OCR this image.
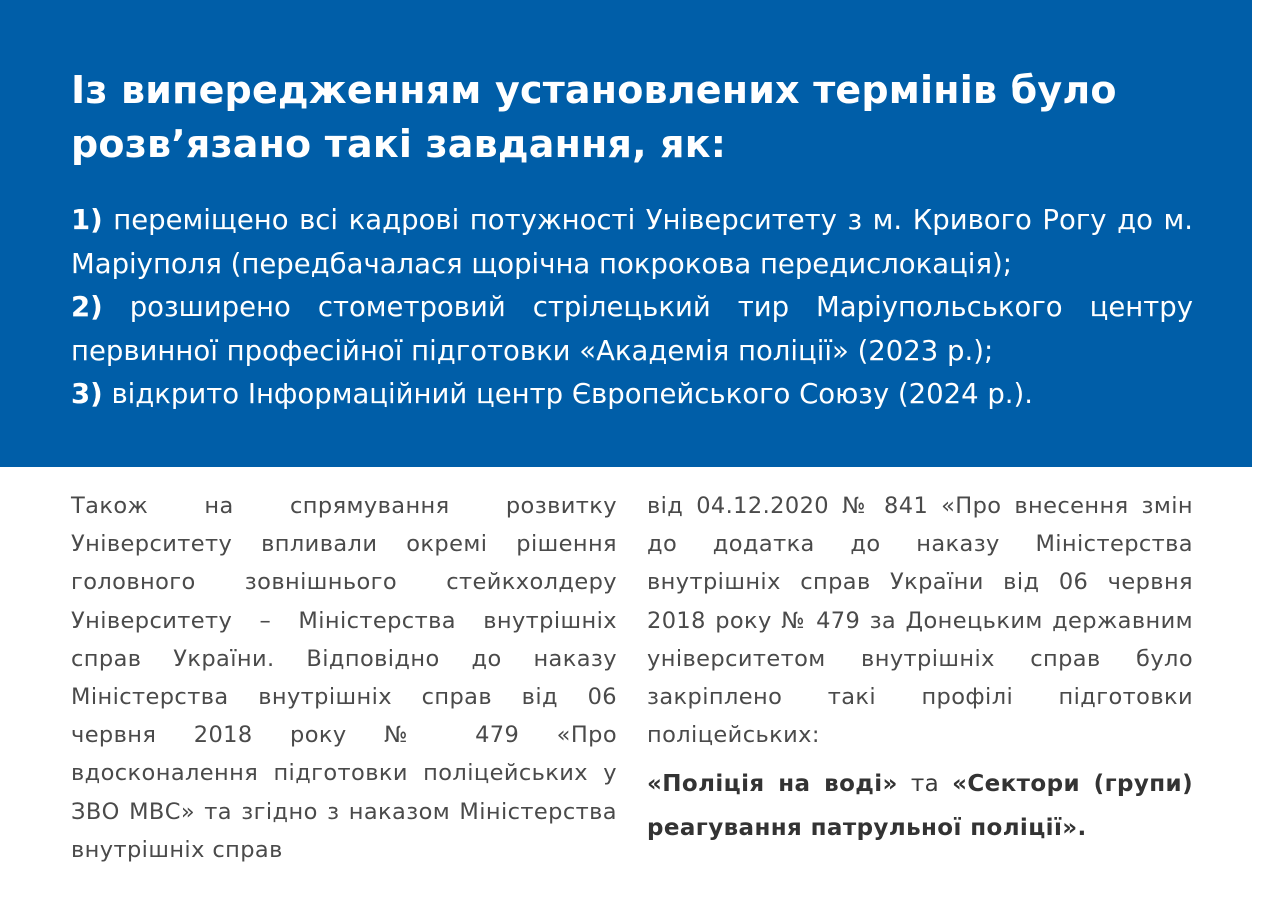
Із випередженням установлених термінів було розв’язано такі завдання, як:
1) переміщено всі кадрові потужності Університету з м. Кривого Рогу до м. Маріуполя (передбачалася щорічна покрокова передислокація);
2) розширено стометровий стрілецький тир Маріупольського центру первинної професійної підготовки «Академія поліції» (2023 р.);
3) відкрито Інформаційний центр Європейського Союзу (2024 р.).
Також на спрямування розвитку Університету впливали окремі рішення головного зовнішнього стейкхолдеру Університету – Міністерства внутрішніх справ України. Відповідно до наказу Міністерства внутрішніх справ від 06 червня 2018 року № 479 «Про вдосконалення підготовки поліцейських у ЗВО МВС» та згідно з наказом Міністерства внутрішніх справ
від 04.12.2020 № 841 «Про внесення змін до додатка до наказу Міністерства внутрішніх справ України від 06 червня 2018 року № 479 за Донецьким державним університетом внутрішніх справ було закріплено такі профілі підготовки поліцейських:
«Поліція на воді» та «Сектори (групи) реагування патрульної поліції».
